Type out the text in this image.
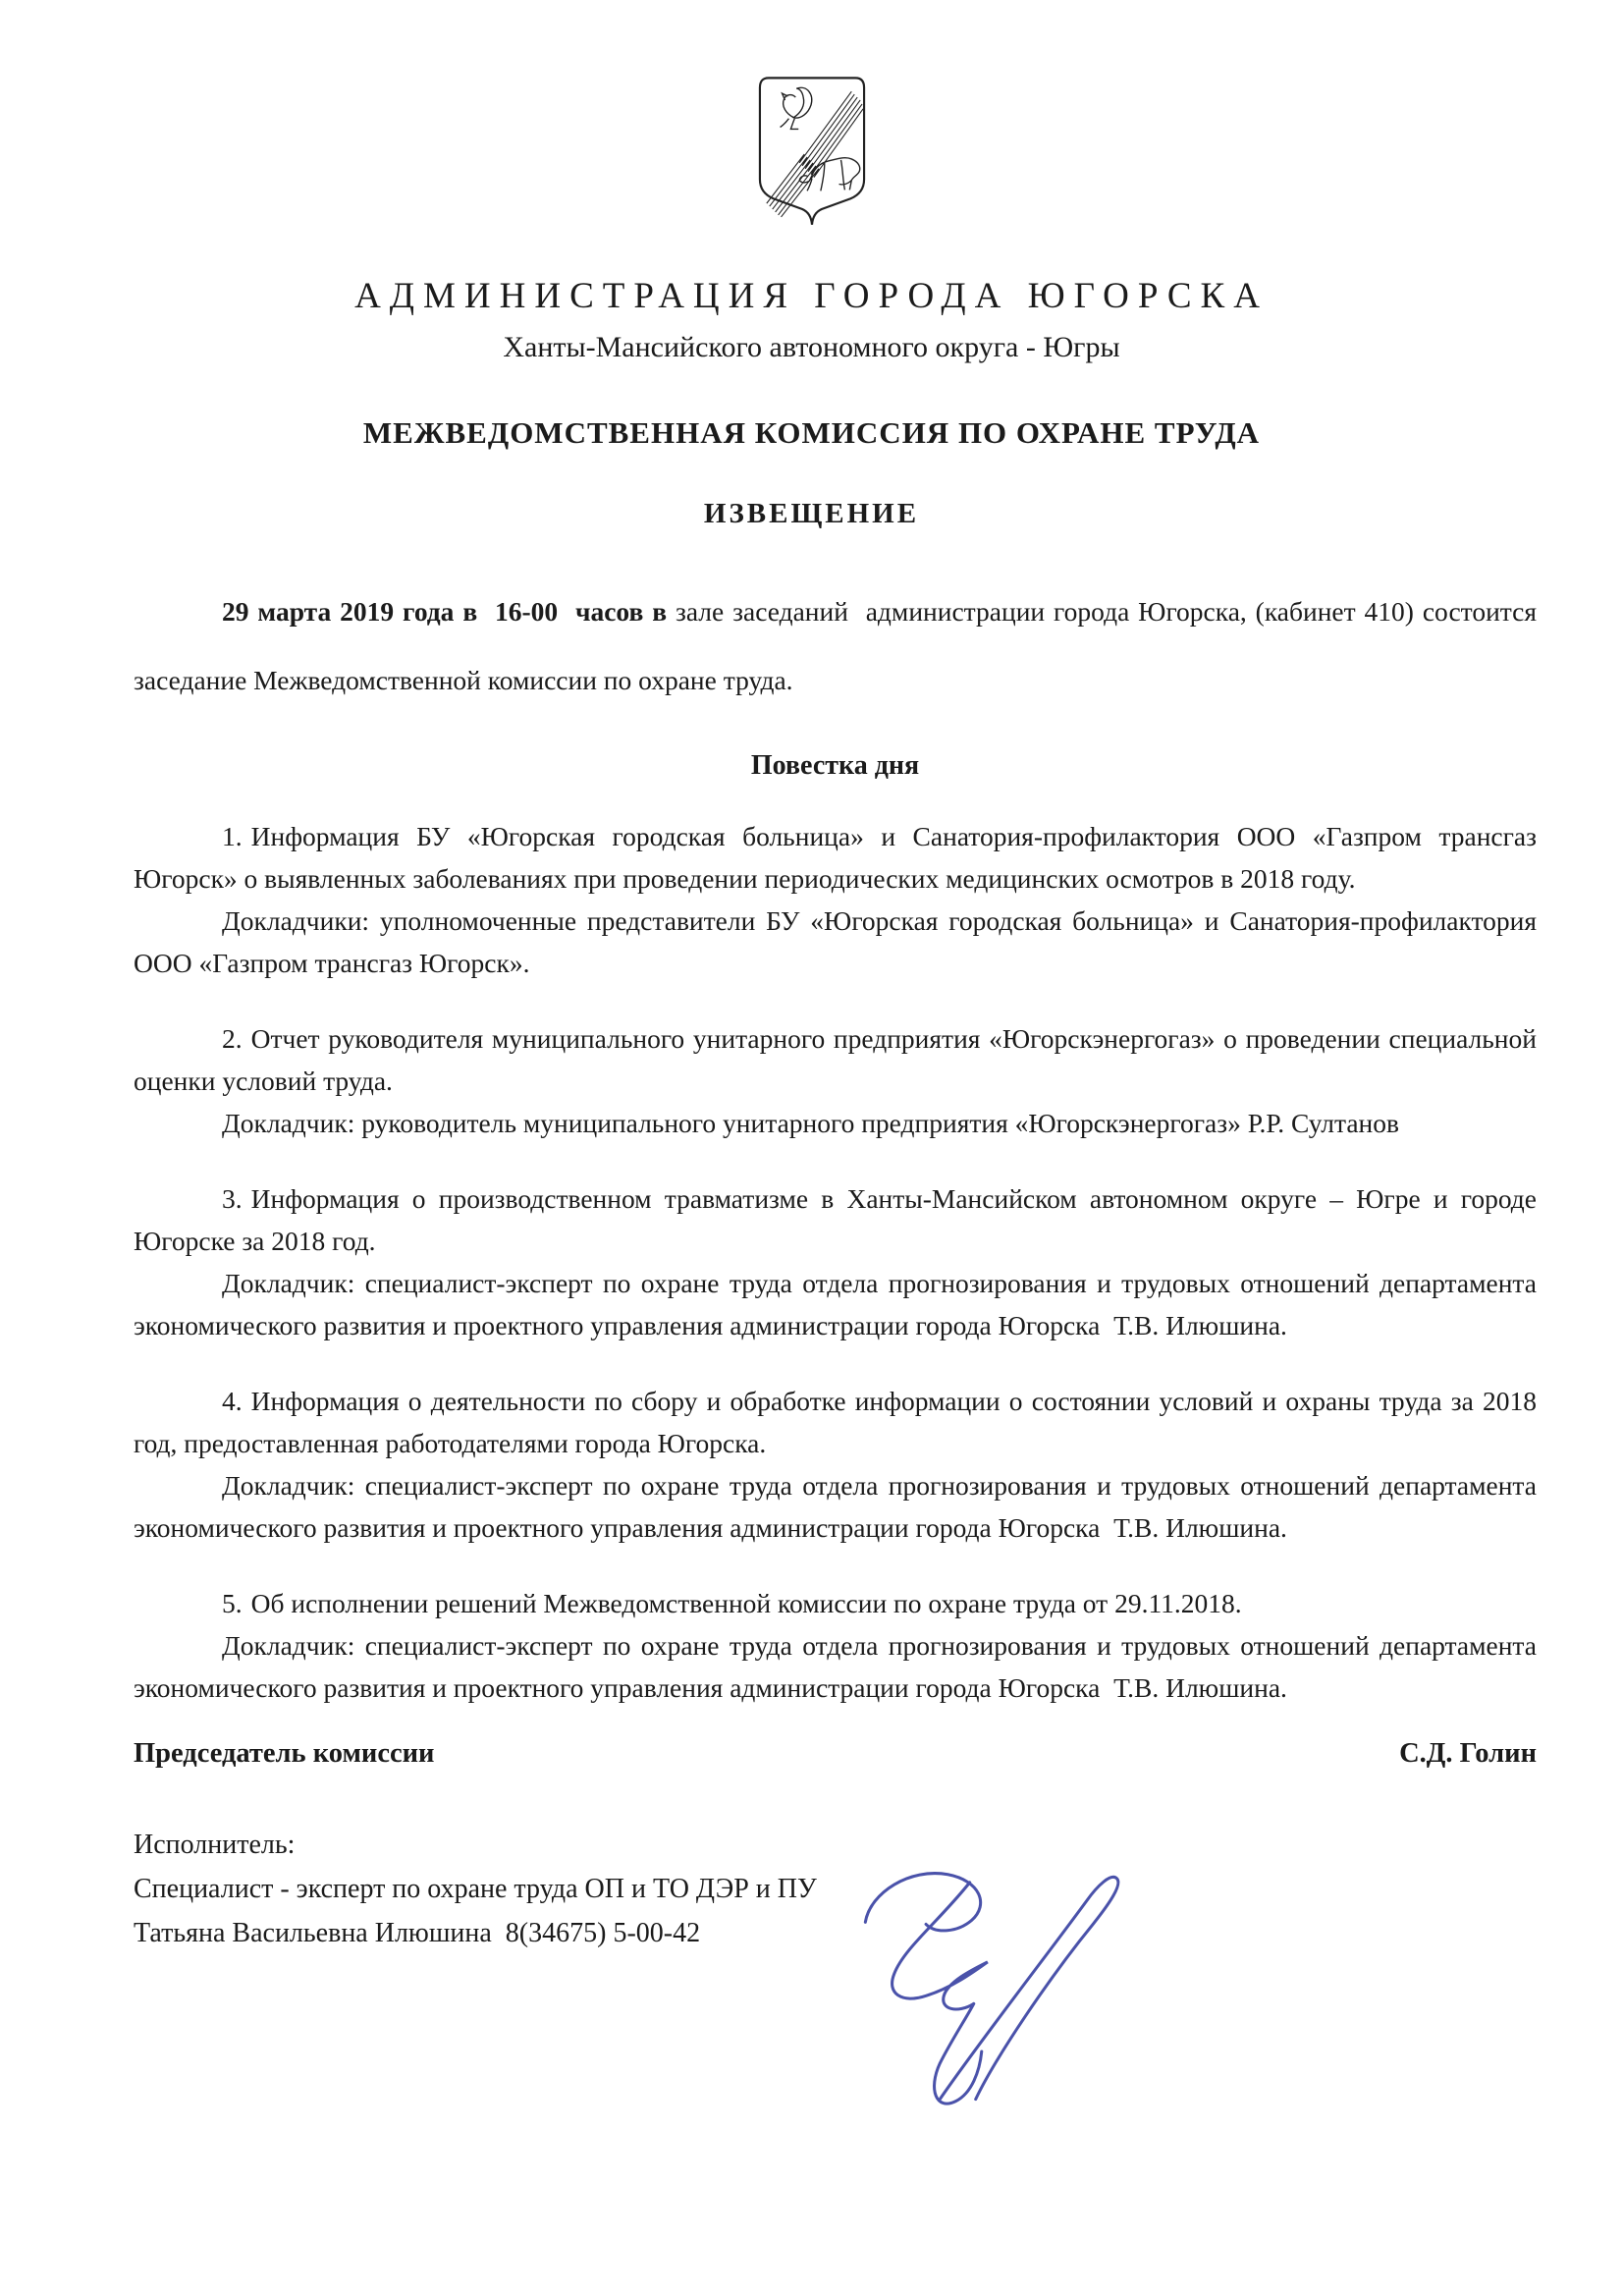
АДМИНИСТРАЦИЯ ГОРОДА ЮГОРСКА
Ханты-Мансийского автономного округа - Югры
МЕЖВЕДОМСТВЕННАЯ КОМИССИЯ ПО ОХРАНЕ ТРУДА
ИЗВЕЩЕНИЕ

29 марта 2019 года в  16-00  часов в зале заседаний  администрации города Югорска, (кабинет 410) состоится заседание Межведомственной комиссии по охране труда.

Повестка дня

1. Информация БУ «Югорская городская больница» и Санатория-профилактория ООО «Газпром трансгаз Югорск» о выявленных заболеваниях при проведении периодических медицинских осмотров в 2018 году.

Докладчики: уполномоченные представители БУ «Югорская городская больница» и Санатория-профилактория ООО «Газпром трансгаз Югорск».

2. Отчет руководителя муниципального унитарного предприятия «Югорскэнергогаз» о проведении специальной оценки условий труда.

Докладчик: руководитель муниципального унитарного предприятия «Югорскэнергогаз» Р.Р. Султанов

3. Информация о производственном травматизме в Ханты-Мансийском автономном округе – Югре и городе Югорске за 2018 год.

Докладчик: специалист-эксперт по охране труда отдела прогнозирования и трудовых отношений департамента экономического развития и проектного управления администрации города Югорска  Т.В. Илюшина.

4. Информация о деятельности по сбору и обработке информации о состоянии условий и охраны труда за 2018 год, предоставленная работодателями города Югорска.

Докладчик: специалист-эксперт по охране труда отдела прогнозирования и трудовых отношений департамента экономического развития и проектного управления администрации города Югорска  Т.В. Илюшина.

5. Об исполнении решений Межведомственной комиссии по охране труда от 29.11.2018.

Докладчик: специалист-эксперт по охране труда отдела прогнозирования и трудовых отношений департамента экономического развития и проектного управления администрации города Югорска  Т.В. Илюшина.

Председатель комиссии	С.Д. Голин

Исполнитель:

Специалист - эксперт по охране труда ОП и ТО ДЭР и ПУ

Татьяна Васильевна Илюшина  8(34675) 5-00-42
